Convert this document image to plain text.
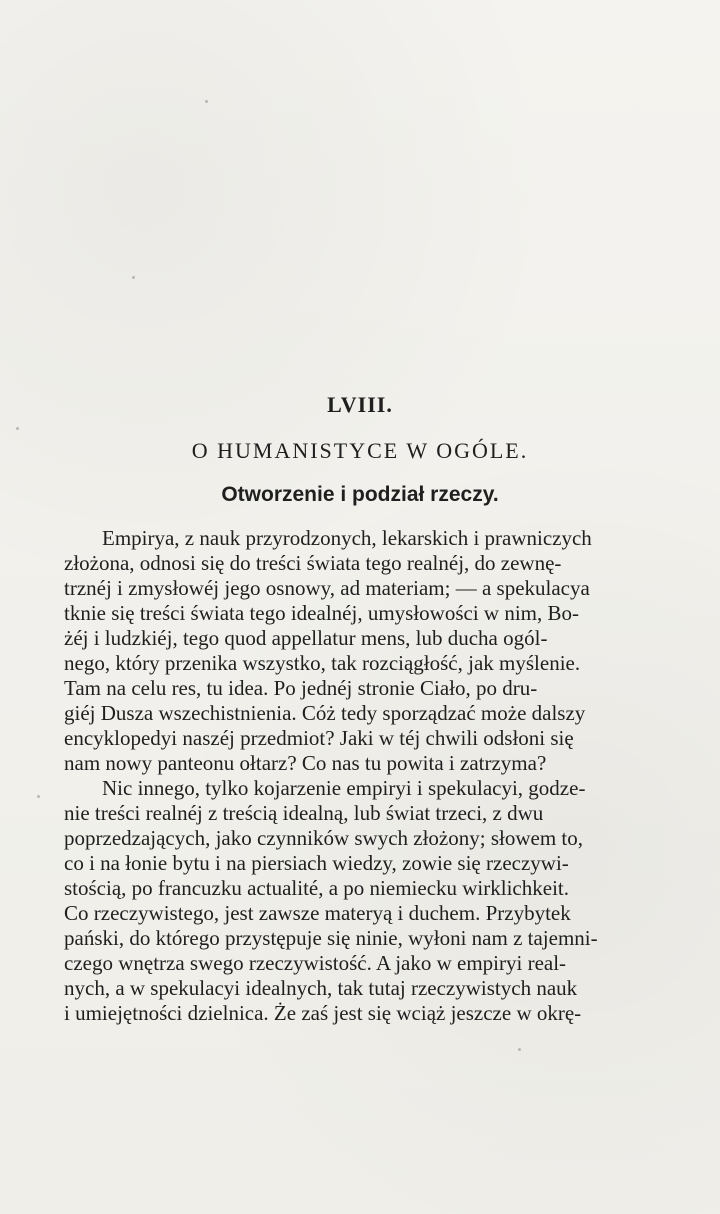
LVIII.
O HUMANISTYCE W OGÓLE.
Otworzenie i podział rzeczy.
Empirya, z nauk przyrodzonych, lekarskich i prawniczych
złożona, odnosi się do treści świata tego realnéj, do zewnę-
trznéj i zmysłowéj jego osnowy, ad materiam; — a spekulacya
tknie się treści świata tego idealnéj, umysłowości w nim, Bo-
żéj i ludzkiéj, tego quod appellatur mens, lub ducha ogól-
nego, który przenika wszystko, tak rozciągłość, jak myślenie.
Tam na celu res, tu idea. Po jednéj stronie Ciało, po dru-
giéj Dusza wszechistnienia. Cóż tedy sporządzać może dalszy
encyklopedyi naszéj przedmiot? Jaki w téj chwili odsłoni się
nam nowy panteonu ołtarz? Co nas tu powita i zatrzyma?
Nic innego, tylko kojarzenie empiryi i spekulacyi, godze-
nie treści realnéj z treścią idealną, lub świat trzeci, z dwu
poprzedzających, jako czynników swych złożony; słowem to,
co i na łonie bytu i na piersiach wiedzy, zowie się rzeczywi-
stością, po francuzku actualité, a po niemiecku wirklichkeit.
Co rzeczywistego, jest zawsze materyą i duchem. Przybytek
pański, do którego przystępuje się ninie, wyłoni nam z tajemni-
czego wnętrza swego rzeczywistość. A jako w empiryi real-
nych, a w spekulacyi idealnych, tak tutaj rzeczywistych nauk
i umiejętności dzielnica. Że zaś jest się wciąż jeszcze w okrę-
